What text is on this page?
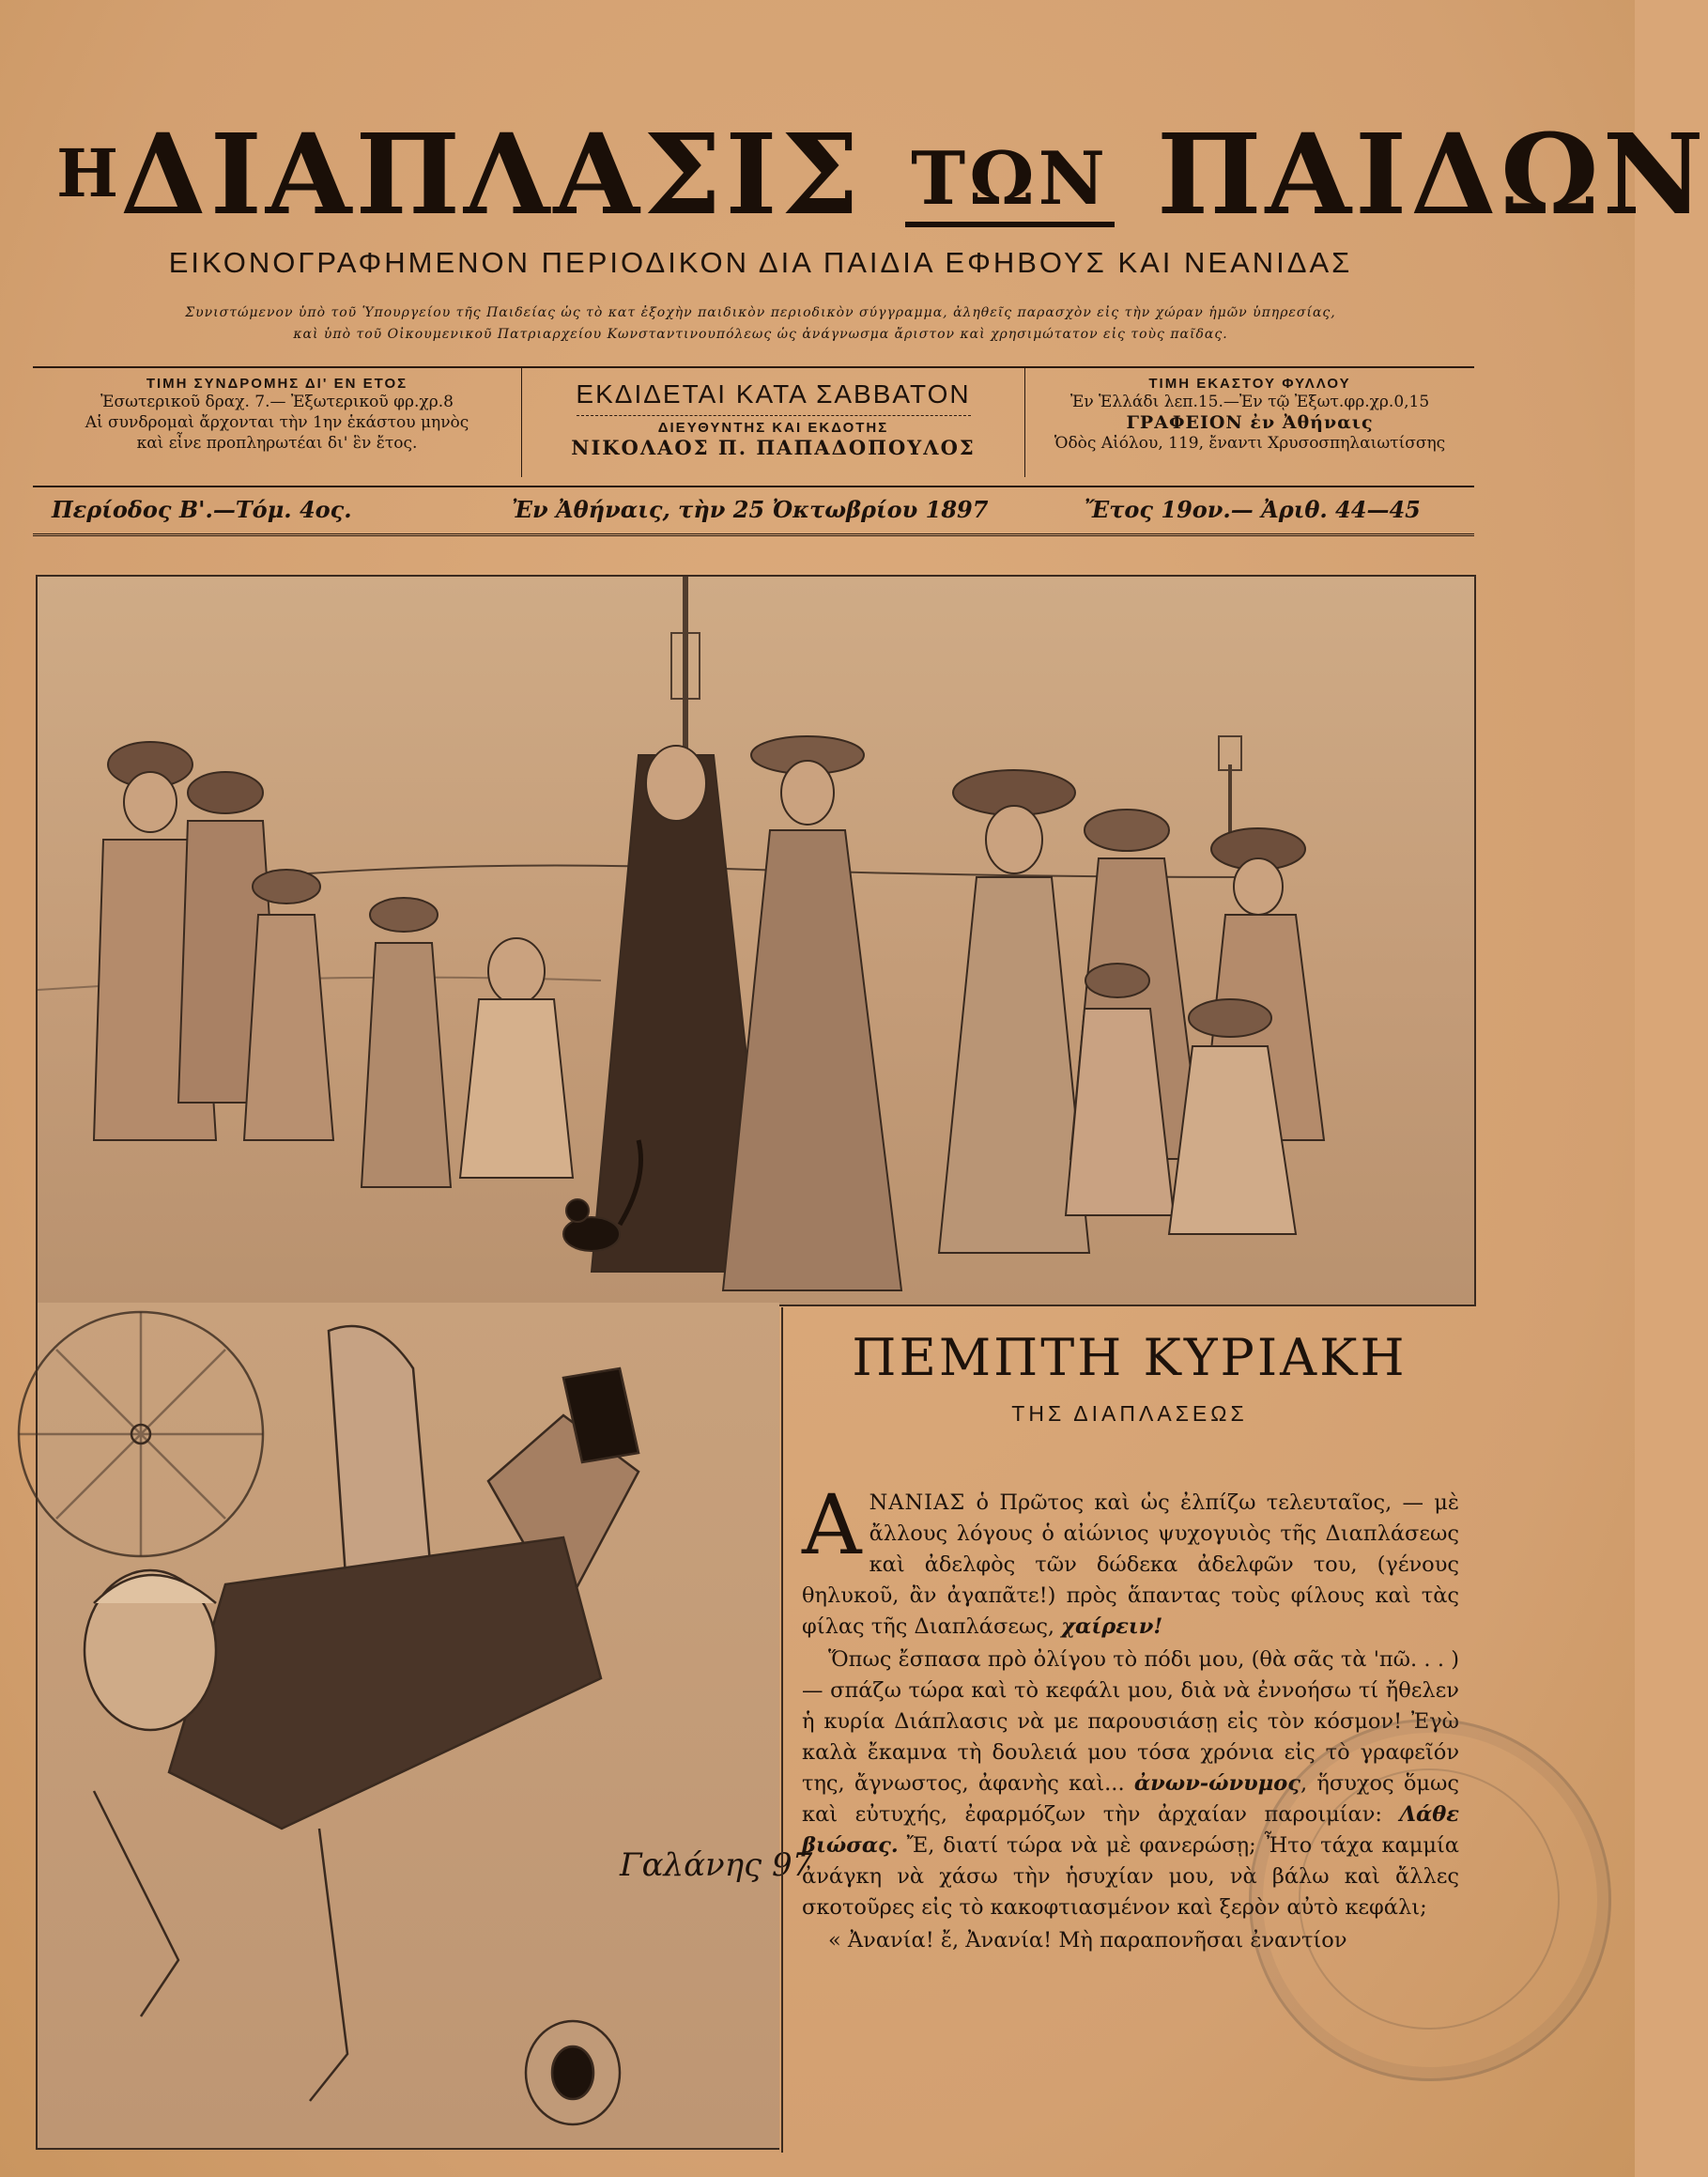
ΗΔΙΑΠΛΑΣΙΣ ΤΩΝ ΠΑΙΔΩΝ
ΕΙΚΟΝΟΓΡΑΦΗΜΕΝΟΝ ΠΕΡΙΟΔΙΚΟΝ ΔΙΑ ΠΑΙΔΙΑ ΕΦΗΒΟΥΣ ΚΑΙ ΝΕΑΝΙΔΑΣ
Συνιστώμενον ὑπὸ τοῦ Ὑπουργείου τῆς Παιδείας ὡς τὸ κατ ἐξοχὴν παιδικὸν περιοδικὸν σύγγραμμα, ἀληθεῖς παρασχὸν εἰς τὴν χώραν ἡμῶν ὑπηρεσίας,
καὶ ὑπὸ τοῦ Οἰκουμενικοῦ Πατριαρχείου Κωνσταντινουπόλεως ὡς ἀνάγνωσμα ἄριστον καὶ χρησιμώτατον εἰς τοὺς παῖδας.
ΤΙΜΗ ΣΥΝΔΡΟΜΗΣ ΔΙ' ΕΝ ΕΤΟΣ
Ἐσωτερικοῦ δραχ. 7.— Ἐξωτερικοῦ φρ.χρ.8
Αἱ συνδρομαὶ ἄρχονται τὴν 1ην ἑκάστου μηνὸς
καὶ εἶνε προπληρωτέαι δι' ἓν ἔτος.
ΕΚΔΙΔΕΤΑΙ ΚΑΤΑ ΣΑΒΒΑΤΟΝ
ΔΙΕΥΘΥΝΤΗΣ ΚΑΙ ΕΚΔΟΤΗΣ
ΝΙΚΟΛΑΟΣ Π. ΠΑΠΑΔΟΠΟΥΛΟΣ
ΤΙΜΗ ΕΚΑΣΤΟΥ ΦΥΛΛΟΥ
Ἐν Ἑλλάδι λεπ.15.—Ἐν τῷ Ἐξωτ.φρ.χρ.0,15
ΓΡΑΦΕΙΟΝ ἐν Ἀθήναις
Ὁδὸς Αἰόλου, 119, ἔναντι Χρυσοσπηλαιωτίσσης
Περίοδος Β'.—Τόμ. 4ος.	Ἐν Ἀθήναις, τὴν 25 Ὀκτωβρίου 1897	Ἔτος 19ον.— Ἀριθ. 44—45
Γαλάνης 97
ΠΕΜΠΤΗ ΚΥΡΙΑΚΗ
ΤΗΣ ΔΙΑΠΛΑΣΕΩΣ

ΑΝΑΝΙΑΣ ὁ Πρῶτος καὶ ὡς ἐλπίζω τελευταῖος, — μὲ ἄλλους λόγους ὁ αἰώνιος ψυχογυιὸς τῆς Διαπλάσεως καὶ ἀδελφὸς τῶν δώδεκα ἀδελφῶν του, (γένους θηλυκοῦ, ἂν ἀγαπᾶτε!) πρὸς ἅπαντας τοὺς φίλους καὶ τὰς φίλας τῆς Διαπλάσεως, χαίρειν!

Ὅπως ἔσπασα πρὸ ὀλίγου τὸ πόδι μου, (θὰ σᾶς τὰ 'πῶ. . . ) — σπάζω τώρα καὶ τὸ κεφάλι μου, διὰ νὰ ἐννοήσω τί ἤθελεν ἡ κυρία Διάπλασις νὰ με παρουσιάσῃ εἰς τὸν κόσμον! Ἐγὼ καλὰ ἔκαμνα τὴ δουλειά μου τόσα χρόνια εἰς τὸ γραφεῖόν της, ἄγνωστος, ἀφανὴς καὶ... ἀνων-ώνυμος, ἥσυχος ὅμως καὶ εὐτυχής, ἐφαρμόζων τὴν ἀρχαίαν παροιμίαν: Λάθε βιώσας. Ἔ, διατί τώρα νὰ μὲ φανερώσῃ; Ἦτο τάχα καμμία ἀνάγκη νὰ χάσω τὴν ἡσυχίαν μου, νὰ βάλω καὶ ἄλλες σκοτοῦρες εἰς τὸ κακοφτιασμένον καὶ ξερὸν αὐτὸ κεφάλι;

« Ἀνανία! ἔ, Ἀνανία! Μὴ παραπονῆσαι ἐναντίον
